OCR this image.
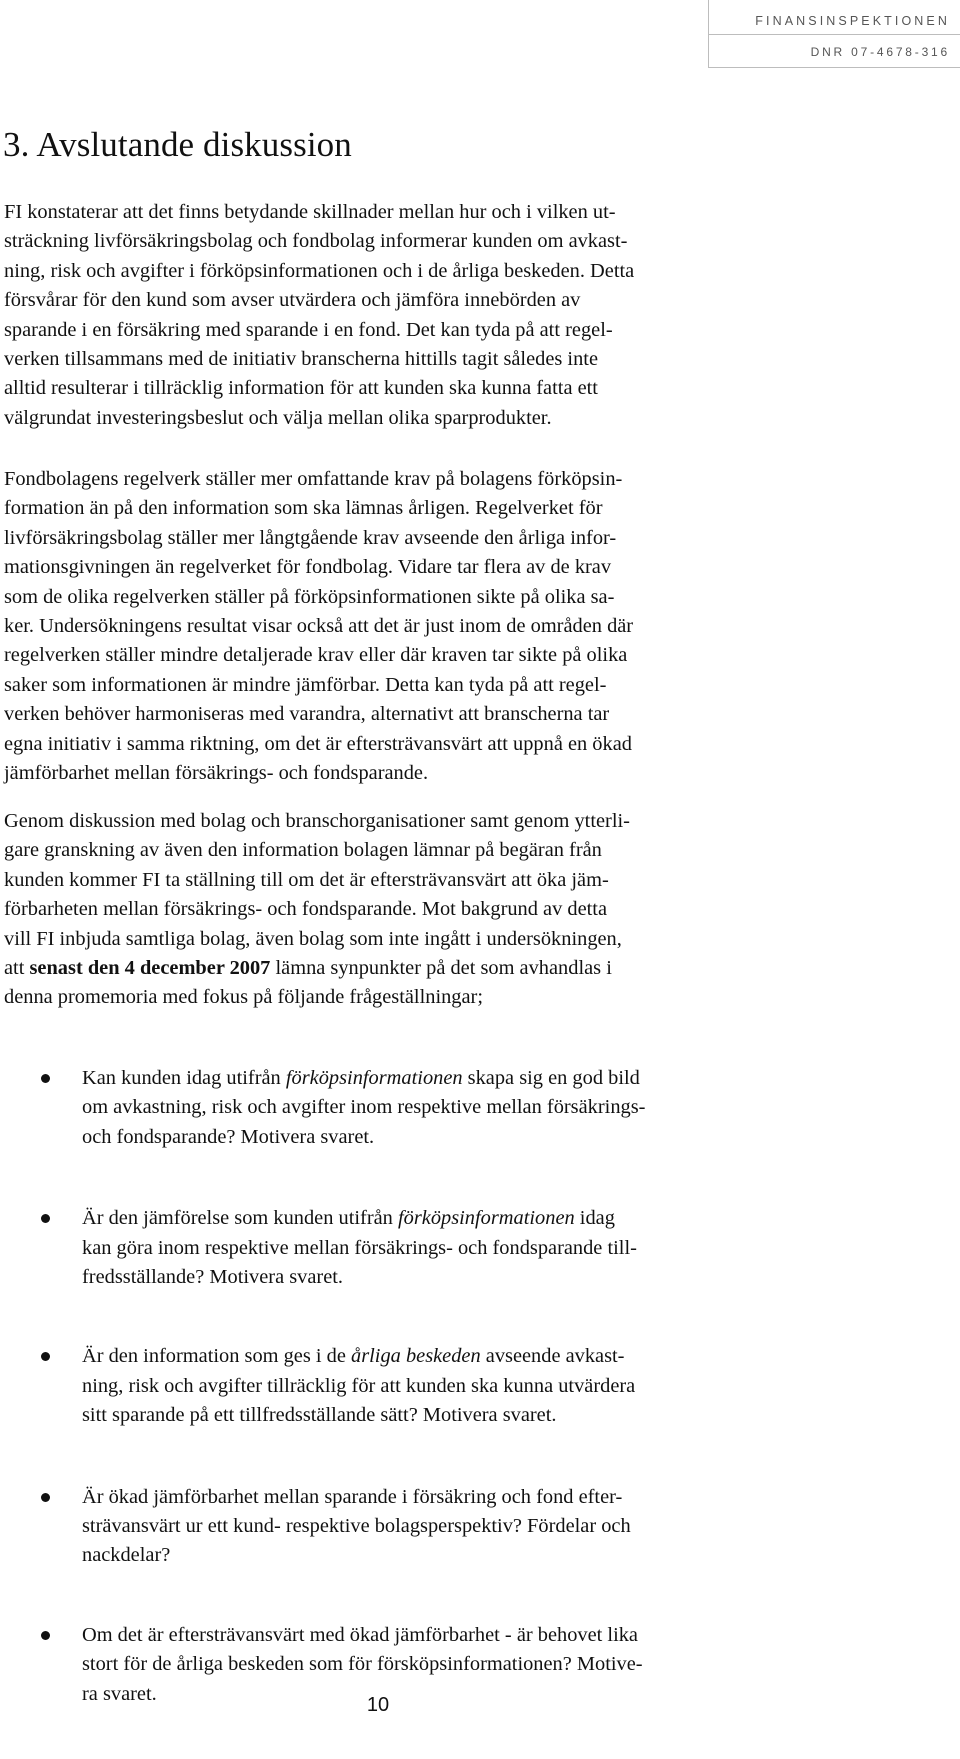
FINANSINSPEKTIONEN
DNR 07-4678-316
3. Avslutande diskussion

FI konstaterar att det finns betydande skillnader mellan hur och i vilken ut-

sträckning livförsäkringsbolag och fondbolag informerar kunden om avkast-

ning, risk och avgifter i förköpsinformationen och i de årliga beskeden. Detta

försvårar för den kund som avser utvärdera och jämföra innebörden av

sparande i en försäkring med sparande i en fond. Det kan tyda på att regel-

verken tillsammans med de initiativ branscherna hittills tagit således inte

alltid resulterar i tillräcklig information för att kunden ska kunna fatta ett

välgrundat investeringsbeslut och välja mellan olika sparprodukter.

Fondbolagens regelverk ställer mer omfattande krav på bolagens förköpsin-

formation än på den information som ska lämnas årligen. Regelverket för

livförsäkringsbolag ställer mer långtgående krav avseende den årliga infor-

mationsgivningen än regelverket för fondbolag. Vidare tar flera av de krav

som de olika regelverken ställer på förköpsinformationen sikte på olika sa-

ker. Undersökningens resultat visar också att det är just inom de områden där

regelverken ställer mindre detaljerade krav eller där kraven tar sikte på olika

saker som informationen är mindre jämförbar. Detta kan tyda på att regel-

verken behöver harmoniseras med varandra, alternativt att branscherna tar

egna initiativ i samma riktning, om det är eftersträvansvärt att uppnå en ökad

jämförbarhet mellan försäkrings- och fondsparande.

Genom diskussion med bolag och branschorganisationer samt genom ytterli-

gare granskning av även den information bolagen lämnar på begäran från

kunden kommer FI ta ställning till om det är eftersträvansvärt att öka jäm-

förbarheten mellan försäkrings- och fondsparande. Mot bakgrund av detta

vill FI inbjuda samtliga bolag, även bolag som inte ingått i undersökningen,

att senast den 4 december 2007 lämna synpunkter på det som avhandlas i

denna promemoria med fokus på följande frågeställningar;

Kan kunden idag utifrån förköpsinformationen skapa sig en god bild
om avkastning, risk och avgifter inom respektive mellan försäkrings-
och fondsparande? Motivera svaret.
Är den jämförelse som kunden utifrån förköpsinformationen idag
kan göra inom respektive mellan försäkrings- och fondsparande till-
fredsställande? Motivera svaret.
Är den information som ges i de årliga beskeden avseende avkast-
ning, risk och avgifter tillräcklig för att kunden ska kunna utvärdera
sitt sparande på ett tillfredsställande sätt? Motivera svaret.
Är ökad jämförbarhet mellan sparande i försäkring och fond efter-
strävansvärt ur ett kund- respektive bolagsperspektiv? Fördelar och
nackdelar?
Om det är eftersträvansvärt med ökad jämförbarhet - är behovet lika
stort för de årliga beskeden som för försköpsinformationen? Motive-
ra svaret.
10
